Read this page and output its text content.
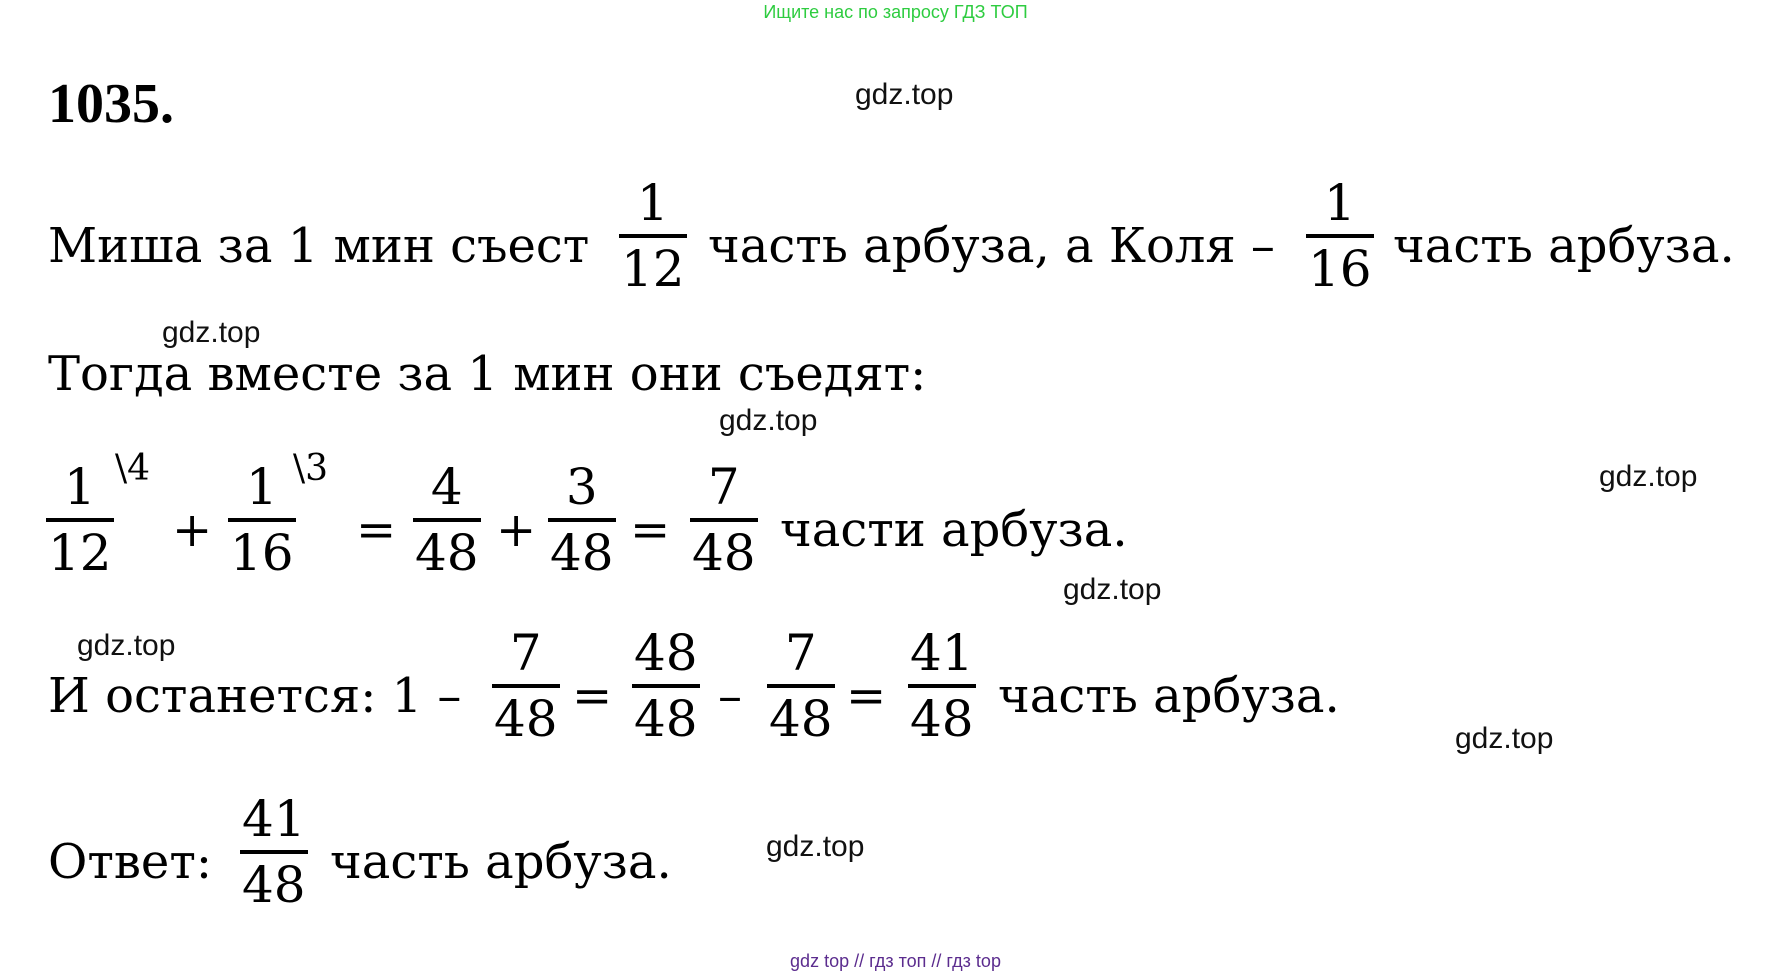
Ищите нас по запросу ГДЗ ТОП
1035.	gdz.top
gdz.top
gdz.top
gdz.top
gdz.top
gdz.top
gdz.top
gdz.top
Миша за 1 мин съест
1
12 часть арбуза, а Коля –
1
16 часть арбуза.
Тогда вместе за 1 мин они съедят:
1
12
\4
+
1
16
\3
=
4
48 +
3
48 =
7
48 части арбуза.
И останется: 1 –
7
48 =
48
48 –
7
48 =
41
48 часть арбуза.
Ответ:
41
48 часть арбуза.
gdz top // гдз топ // гдз top
